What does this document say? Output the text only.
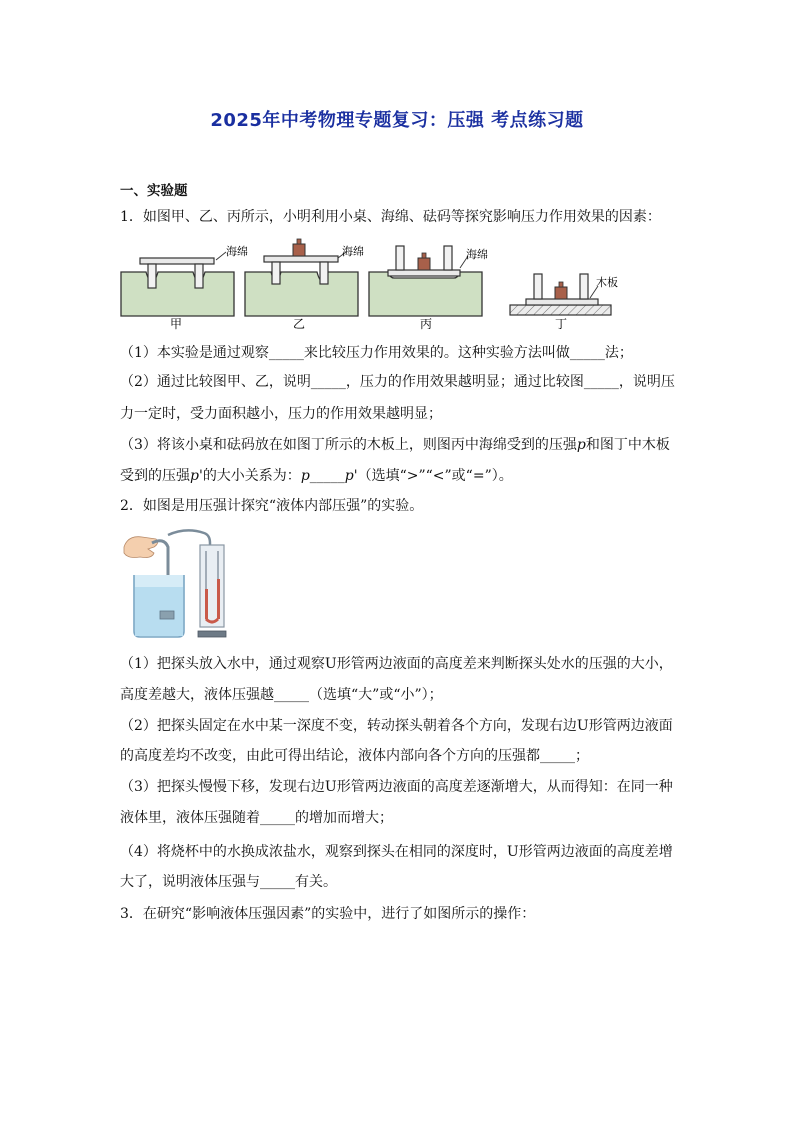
2025年中考物理专题复习：压强 考点练习题
一、实验题
1．如图甲、乙、丙所示，小明利用小桌、海绵、砝码等探究影响压力作用效果的因素：
海绵
甲
海绵
乙
海绵
丙
木板
丁
（1）本实验是通过观察_____来比较压力作用效果的。这种实验方法叫做_____法；
（2）通过比较图甲、乙，说明_____，压力的作用效果越明显；通过比较图_____，说明压
力一定时，受力面积越小，压力的作用效果越明显；
（3）将该小桌和砝码放在如图丁所示的木板上，则图丙中海绵受到的压强p和图丁中木板
受到的压强p'的大小关系为：p_____p'（选填“>”“<”或“=”）。
2．如图是用压强计探究“液体内部压强”的实验。
（1）把探头放入水中，通过观察U形管两边液面的高度差来判断探头处水的压强的大小，
高度差越大，液体压强越_____（选填“大”或“小”）；
（2）把探头固定在水中某一深度不变，转动探头朝着各个方向，发现右边U形管两边液面
的高度差均不改变，由此可得出结论，液体内部向各个方向的压强都_____；
（3）把探头慢慢下移，发现右边U形管两边液面的高度差逐渐增大，从而得知：在同一种
液体里，液体压强随着_____的增加而增大；
（4）将烧杯中的水换成浓盐水，观察到探头在相同的深度时，U形管两边液面的高度差增
大了，说明液体压强与_____有关。
3．在研究“影响液体压强因素”的实验中，进行了如图所示的操作：
